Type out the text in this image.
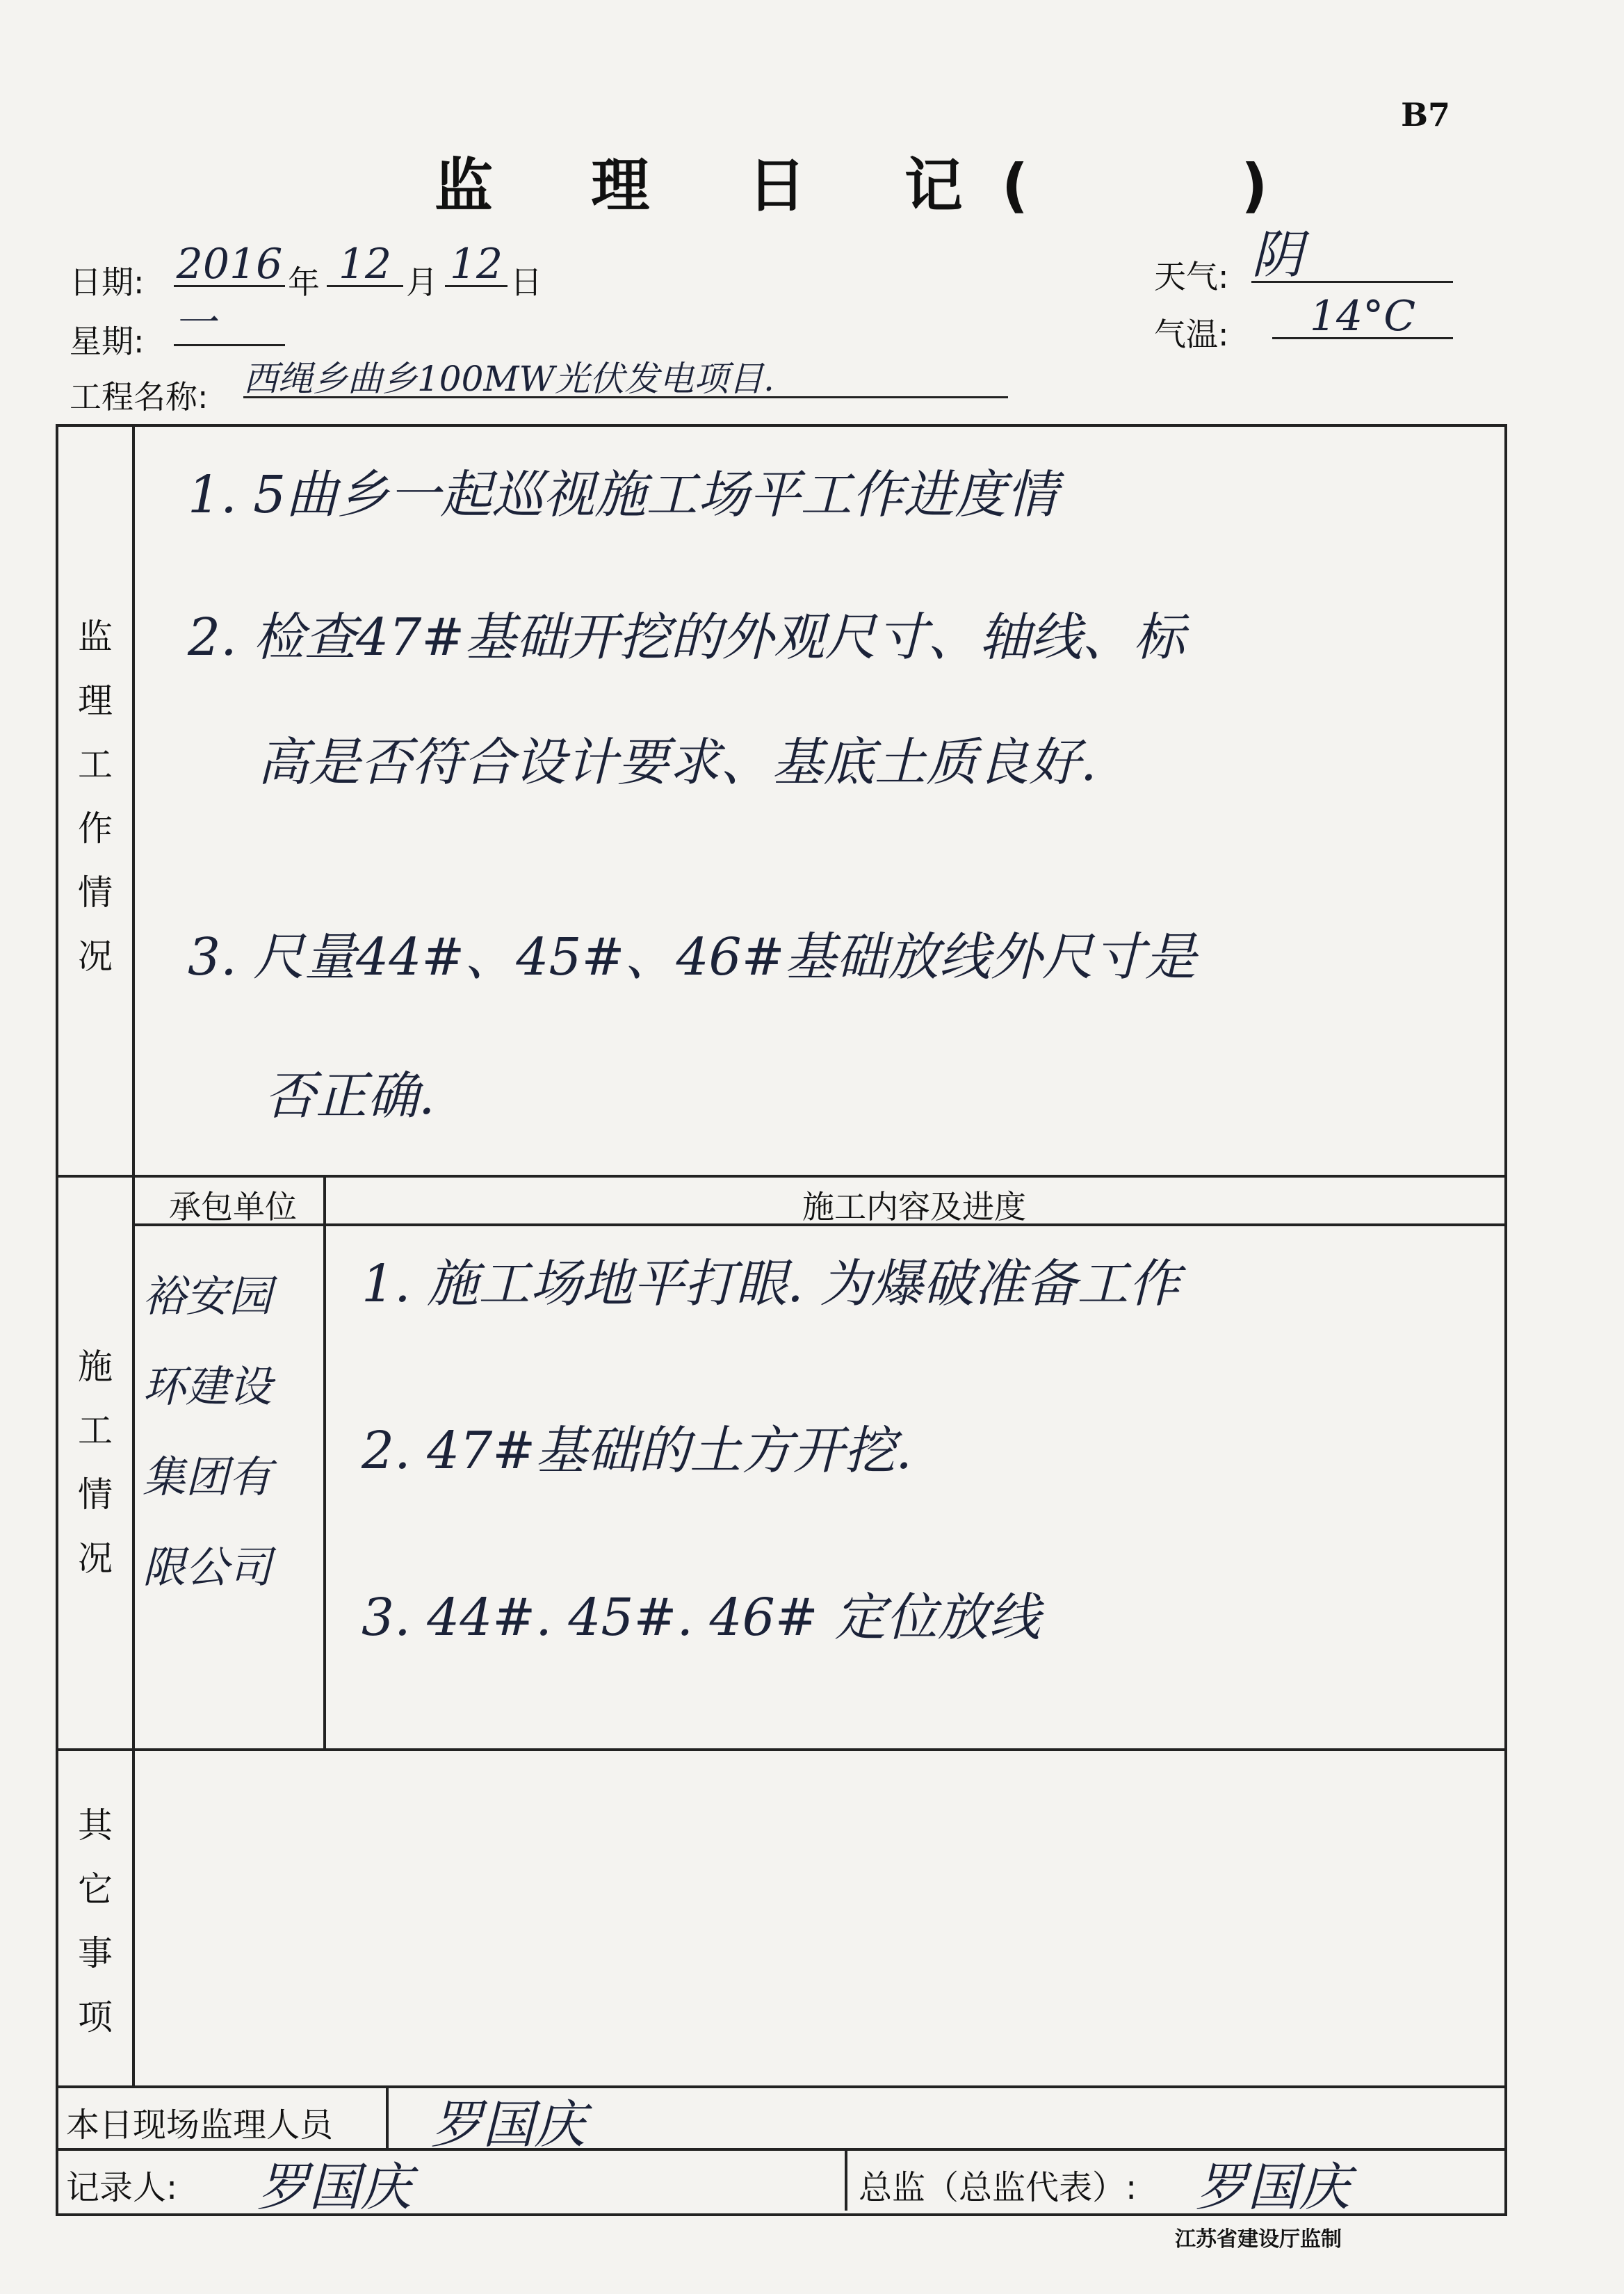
B7
监 理 日 记(	)
日期: 2016 年 12 月 12 日	天气: 阴
星期: 一	气温:	14°C
工程名称: 西绳乡曲乡100MW光伏发电项目.
监
理
工
作
情
况
1. 5曲乡一起巡视施工场平工作进度情
2. 检查47#基础开挖的外观尺寸、轴线、标
高是否符合设计要求、基底土质良好.
3. 尺量44#、45#、46#基础放线外尺寸是
否正确.
施
工
情
况
承包单位	施工内容及进度
裕安园
环建设
集团有
限公司
1. 施工场地平打眼. 为爆破准备工作
2. 47#基础的土方开挖.
3. 44#. 45#. 46# 定位放线
其
它
事
项
本日现场监理人员 罗国庆
记录人: 罗国庆	总监（总监代表）: 罗国庆
江苏省建设厅监制
